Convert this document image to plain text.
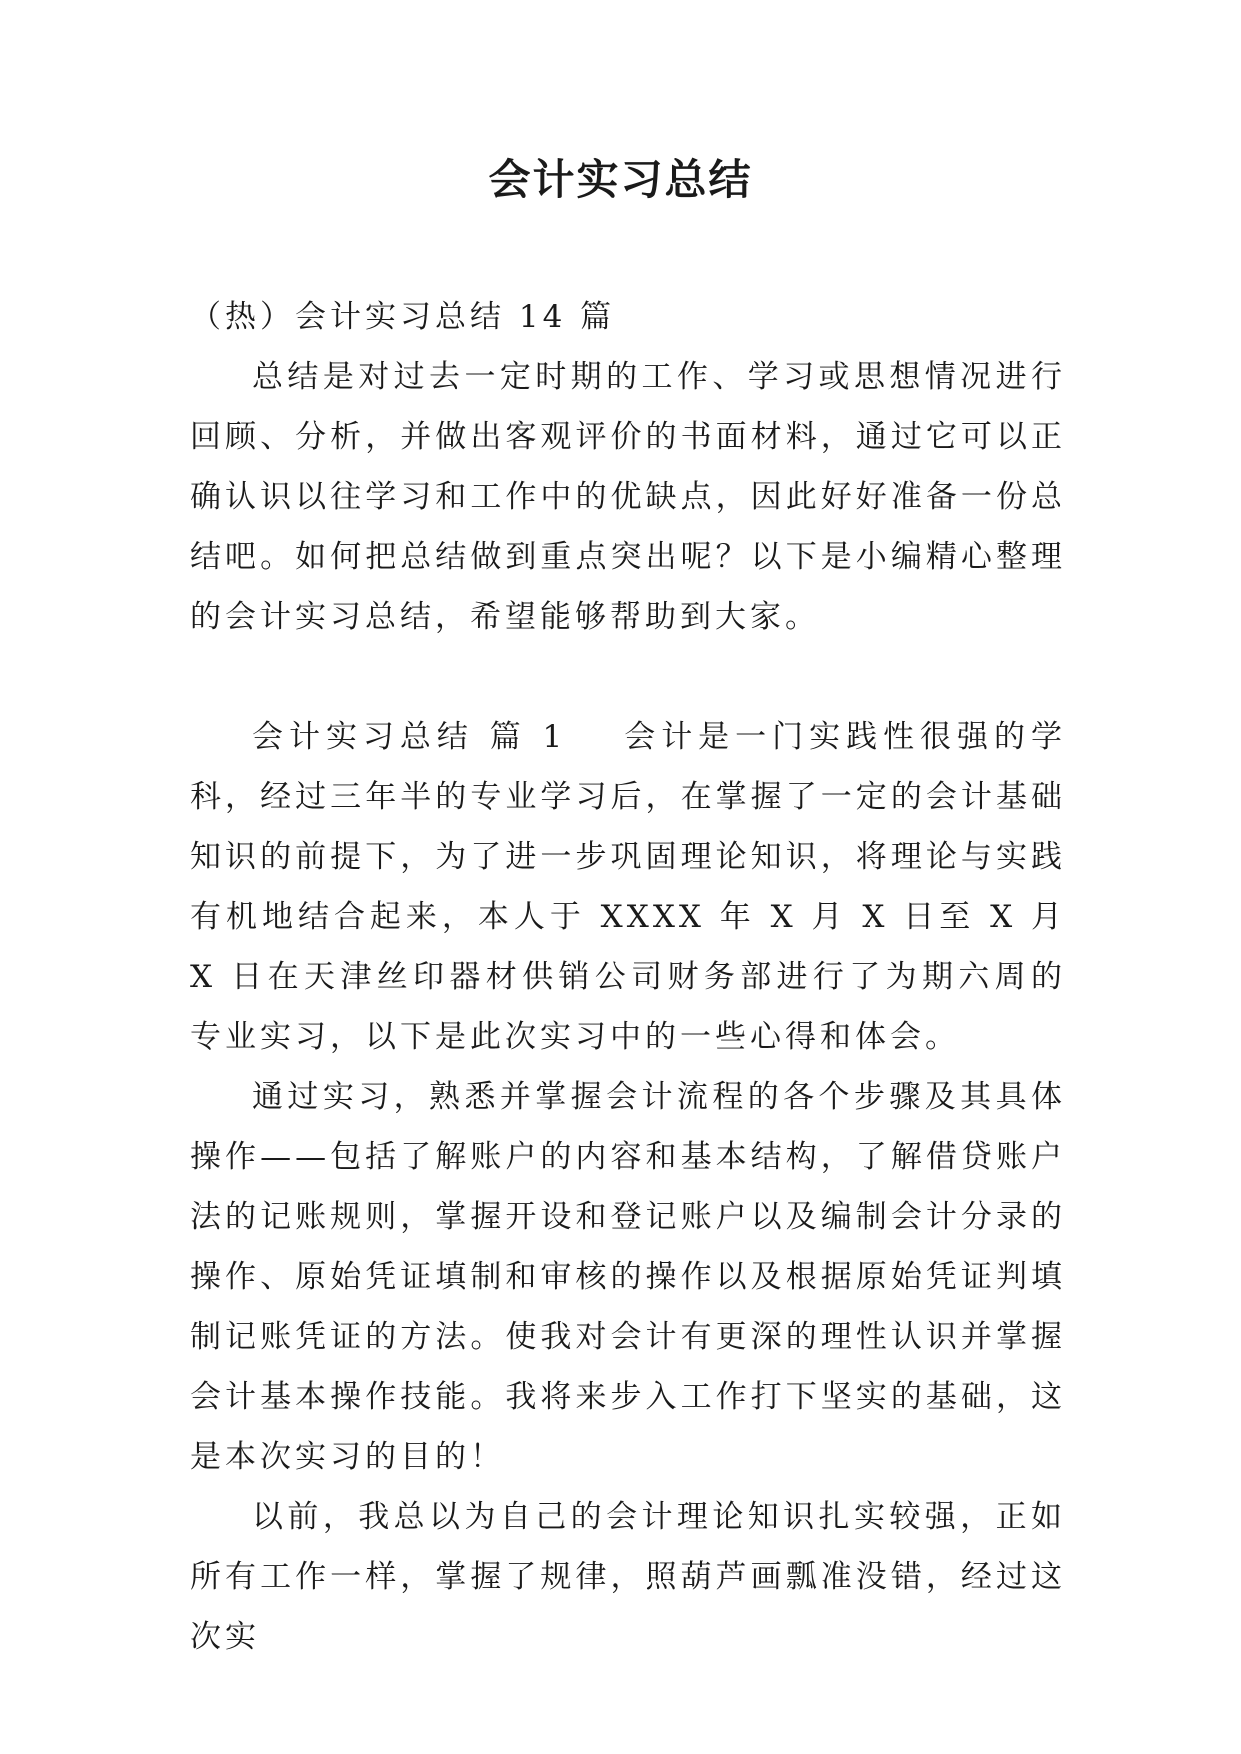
会计实习总结

（热）会计实习总结 14 篇

总结是对过去一定时期的工作、学习或思想情况进行回顾、分析，并做出客观评价的书面材料，通过它可以正确认识以往学习和工作中的优缺点，因此好好准备一份总结吧。如何把总结做到重点突出呢？以下是小编精心整理的会计实习总结，希望能够帮助到大家。

会计实习总结 篇 1 会计是一门实践性很强的学科，经过三年半的专业学习后，在掌握了一定的会计基础知识的前提下，为了进一步巩固理论知识，将理论与实践有机地结合起来，本人于 XXXX 年 X 月 X 日至 X 月 X 日在天津丝印器材供销公司财务部进行了为期六周的专业实习，以下是此次实习中的一些心得和体会。

通过实习，熟悉并掌握会计流程的各个步骤及其具体操作——包括了解账户的内容和基本结构，了解借贷账户法的记账规则，掌握开设和登记账户以及编制会计分录的操作、原始凭证填制和审核的操作以及根据原始凭证判填制记账凭证的方法。使我对会计有更深的理性认识并掌握会计基本操作技能。我将来步入工作打下坚实的基础，这是本次实习的目的！

以前，我总以为自己的会计理论知识扎实较强，正如所有工作一样，掌握了规律，照葫芦画瓢准没错，经过这次实
